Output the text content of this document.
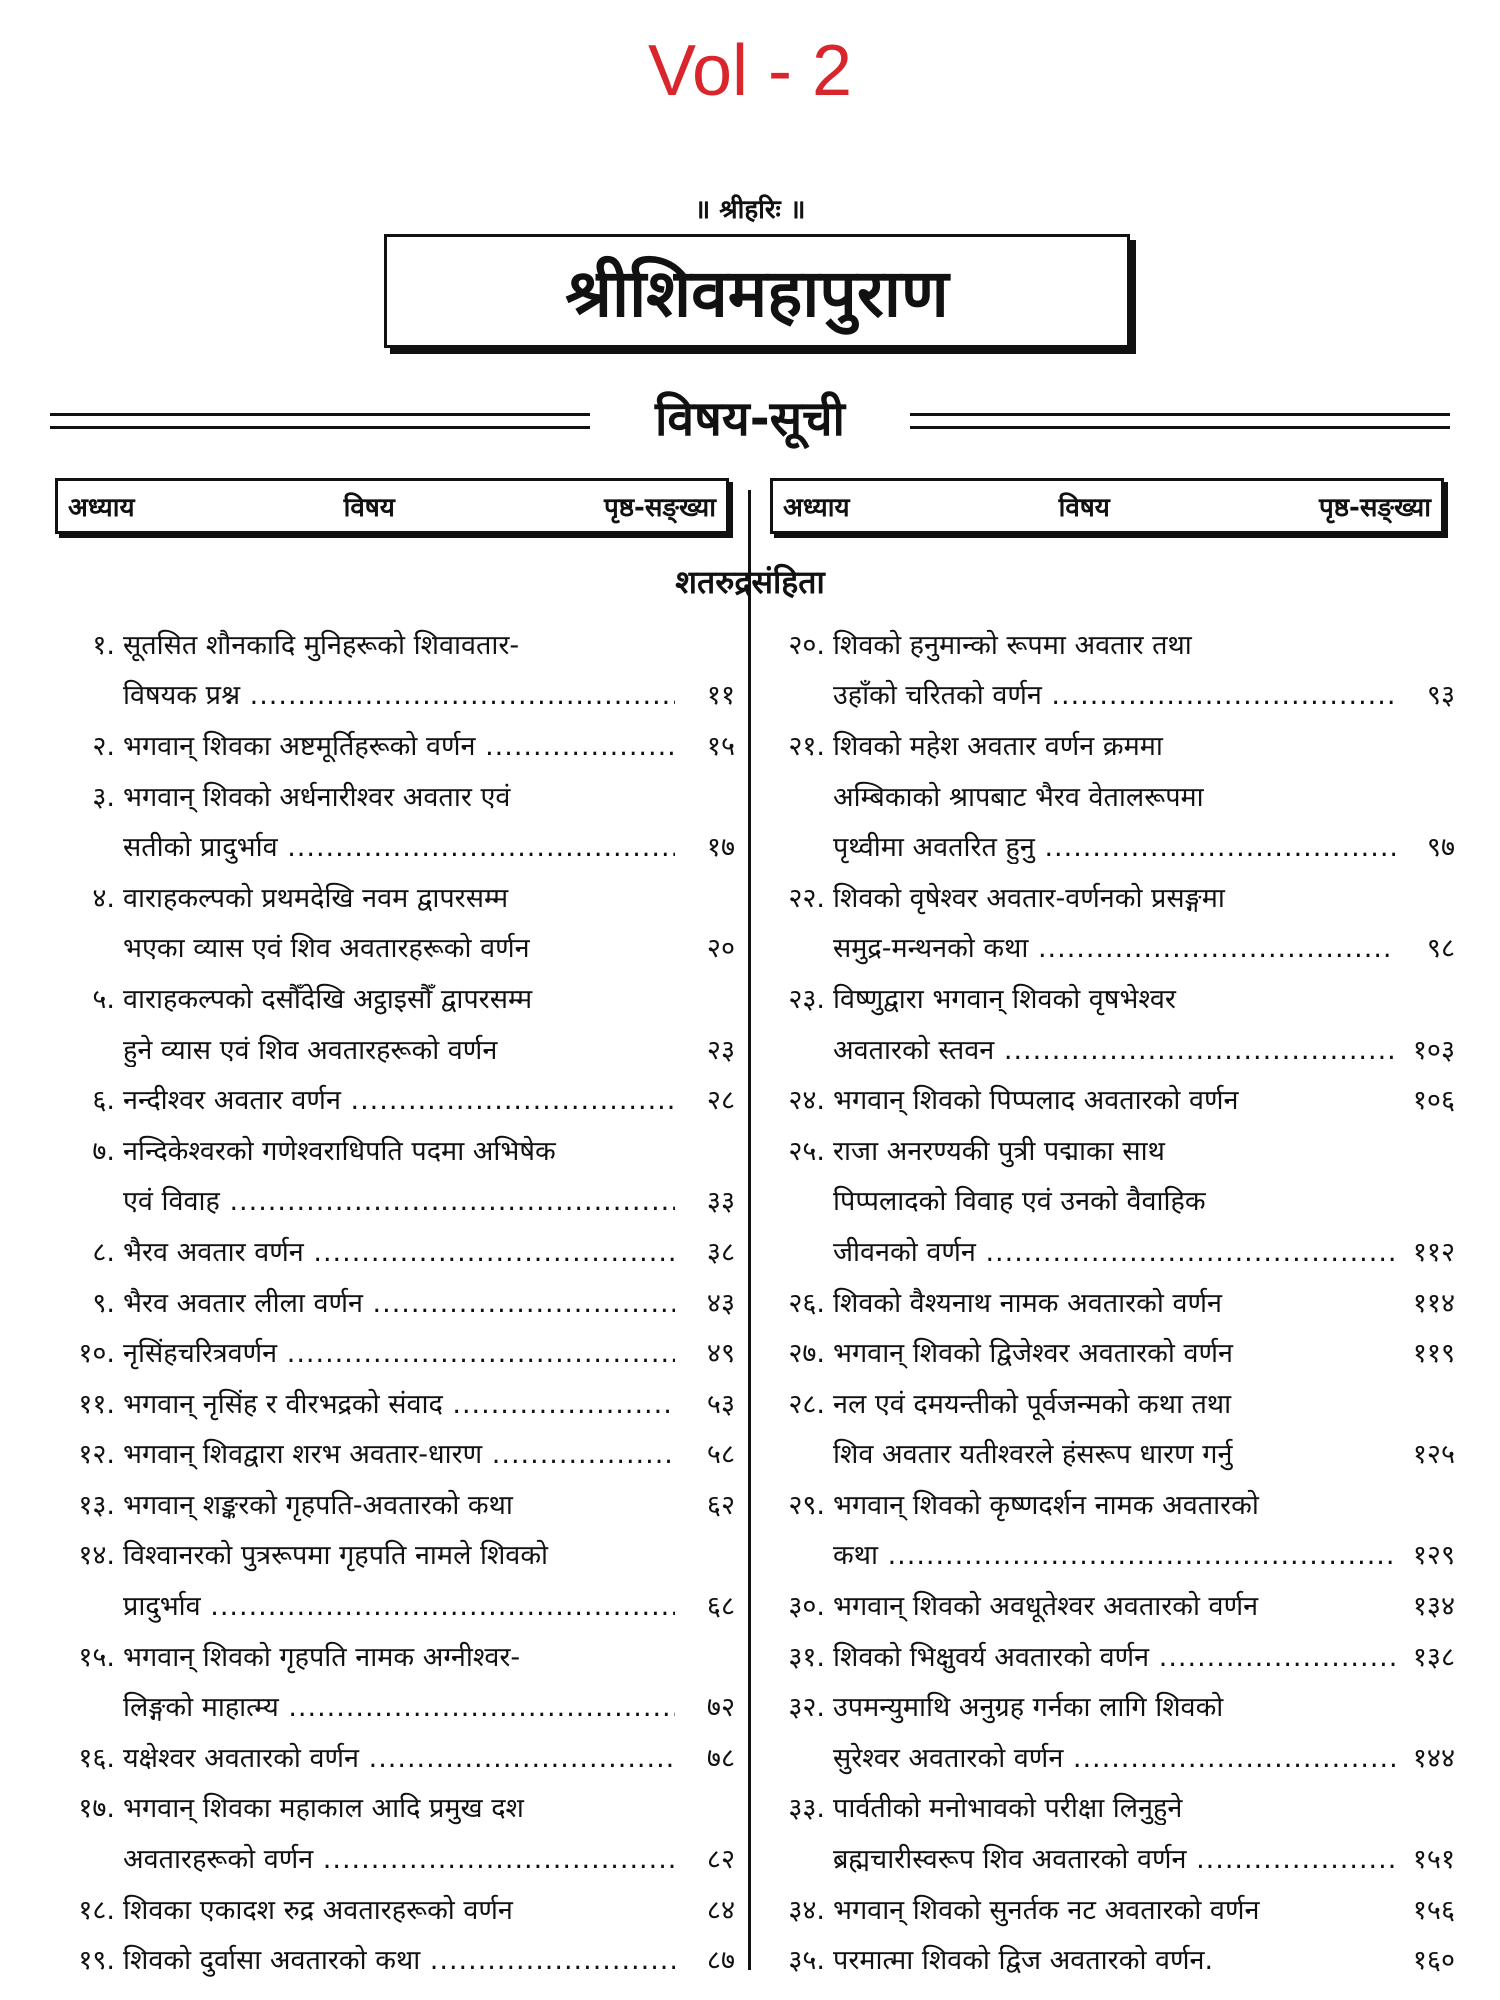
Vol - 2
॥ श्रीहरिः ॥
श्रीशिवमहापुराण
विषय-सूची
अध्याय	विषय	पृष्ठ-सङ्ख्या	अध्याय	विषय	पृष्ठ-सङ्ख्या
शतरुद्रसंहिता
१. सूतसित शौनकादि मुनिहरूको शिवावतार-
विषयक प्रश्न .....	११
२. भगवान् शिवका अष्टमूर्तिहरूको वर्णन .....	१५
३. भगवान् शिवको अर्धनारीश्वर अवतार एवं
सतीको प्रादुर्भाव .....	१७
४. वाराहकल्पको प्रथमदेखि नवम द्वापरसम्म
भएका व्यास एवं शिव अवतारहरूको वर्णन	२०
५. वाराहकल्पको दसौँदेखि अट्ठाइसौँ द्वापरसम्म
हुने व्यास एवं शिव अवतारहरूको वर्णन	२३
६. नन्दीश्वर अवतार वर्णन .....	२८
७. नन्दिकेश्वरको गणेश्वराधिपति पदमा अभिषेक
एवं विवाह .....	३३
८. भैरव अवतार वर्णन .....	३८
९. भैरव अवतार लीला वर्णन .....	४३
१०. नृसिंहचरित्रवर्णन .....	४९
११. भगवान् नृसिंह र वीरभद्रको संवाद .....	५३
१२. भगवान् शिवद्वारा शरभ अवतार-धारण .....	५८
१३. भगवान् शङ्करको गृहपति-अवतारको कथा	६२
१४. विश्वानरको पुत्ररूपमा गृहपति नामले शिवको
प्रादुर्भाव .....	६८
१५. भगवान् शिवको गृहपति नामक अग्नीश्वर-
लिङ्गको माहात्म्य .....	७२
१६. यक्षेश्वर अवतारको वर्णन .....	७८
१७. भगवान् शिवका महाकाल आदि प्रमुख दश
अवतारहरूको वर्णन .....	८२
१८. शिवका एकादश रुद्र अवतारहरूको वर्णन	८४
१९. शिवको दुर्वासा अवतारको कथा .....	८७
२०. शिवको हनुमान्को रूपमा अवतार तथा
उहाँको चरितको वर्णन .....	९३
२१. शिवको महेश अवतार वर्णन क्रममा
अम्बिकाको श्रापबाट भैरव वेतालरूपमा
पृथ्वीमा अवतरित हुनु .....	९७
२२. शिवको वृषेश्वर अवतार-वर्णनको प्रसङ्गमा
समुद्र-मन्थनको कथा .....	९८
२३. विष्णुद्वारा भगवान् शिवको वृषभेश्वर
अवतारको स्तवन .....	१०३
२४. भगवान् शिवको पिप्पलाद अवतारको वर्णन	१०६
२५. राजा अनरण्यकी पुत्री पद्माका साथ
पिप्पलादको विवाह एवं उनको वैवाहिक
जीवनको वर्णन .....	११२
२६. शिवको वैश्यनाथ नामक अवतारको वर्णन	११४
२७. भगवान् शिवको द्विजेश्वर अवतारको वर्णन	११९
२८. नल एवं दमयन्तीको पूर्वजन्मको कथा तथा
शिव अवतार यतीश्वरले हंसरूप धारण गर्नु	१२५
२९. भगवान् शिवको कृष्णदर्शन नामक अवतारको
कथा .....	१२९
३०. भगवान् शिवको अवधूतेश्वर अवतारको वर्णन	१३४
३१. शिवको भिक्षुवर्य अवतारको वर्णन .....	१३८
३२. उपमन्युमाथि अनुग्रह गर्नका लागि शिवको
सुरेश्वर अवतारको वर्णन .....	१४४
३३. पार्वतीको मनोभावको परीक्षा लिनुहुने
ब्रह्मचारीस्वरूप शिव अवतारको वर्णन .....	१५१
३४. भगवान् शिवको सुनर्तक नट अवतारको वर्णन	१५६
३५. परमात्मा शिवको द्विज अवतारको वर्णन.	१६०
